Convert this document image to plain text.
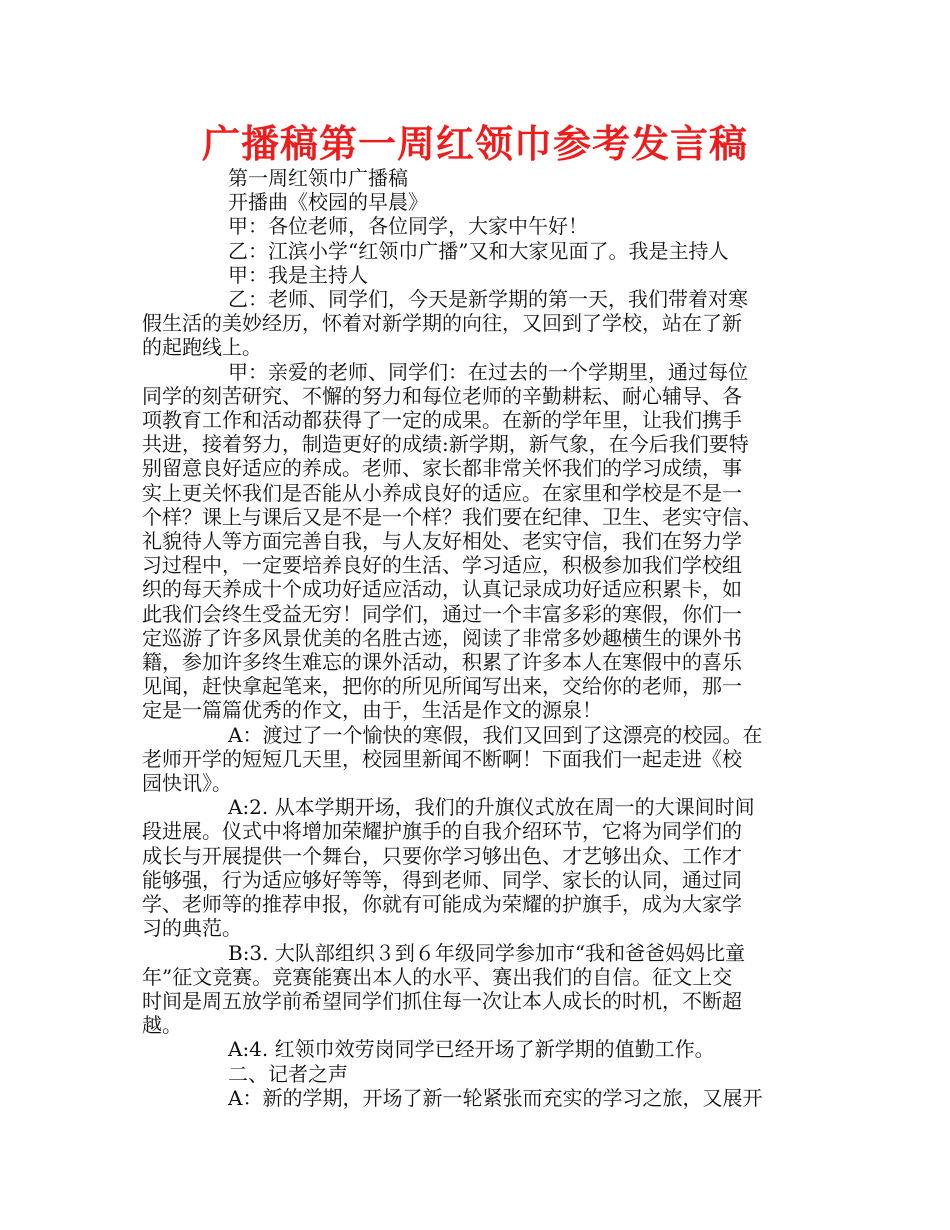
广播稿第一周红领巾参考发言稿
第一周红领巾广播稿
开播曲《校园的早晨》
甲：各位老师，各位同学，大家中午好！
乙：江滨小学“红领巾广播”又和大家见面了。我是主持人
甲：我是主持人
乙：老师、同学们，今天是新学期的第一天，我们带着对寒
假生活的美妙经历，怀着对新学期的向往，又回到了学校，站在了新
的起跑线上。
甲：亲爱的老师、同学们：在过去的一个学期里，通过每位
同学的刻苦研究、不懈的努力和每位老师的辛勤耕耘、耐心辅导、各
项教育工作和活动都获得了一定的成果。在新的学年里，让我们携手
共进，接着努力，制造更好的成绩:新学期，新气象，在今后我们要特
别留意良好适应的养成。老师、家长都非常关怀我们的学习成绩，事
实上更关怀我们是否能从小养成良好的适应。在家里和学校是不是一
个样？课上与课后又是不是一个样？我们要在纪律、卫生、老实守信、
礼貌待人等方面完善自我，与人友好相处、老实守信，我们在努力学
习过程中，一定要培养良好的生活、学习适应，积极参加我们学校组
织的每天养成十个成功好适应活动，认真记录成功好适应积累卡，如
此我们会终生受益无穷！同学们，通过一个丰富多彩的寒假，你们一
定巡游了许多风景优美的名胜古迹，阅读了非常多妙趣横生的课外书
籍，参加许多终生难忘的课外活动，积累了许多本人在寒假中的喜乐
见闻，赶快拿起笔来，把你的所见所闻写出来，交给你的老师，那一
定是一篇篇优秀的作文，由于，生活是作文的源泉！
A：渡过了一个愉快的寒假，我们又回到了这漂亮的校园。在
老师开学的短短几天里，校园里新闻不断啊！下面我们一起走进《校
园快讯》。
A:2. 从本学期开场，我们的升旗仪式放在周一的大课间时间
段进展。仪式中将增加荣耀护旗手的自我介绍环节，它将为同学们的
成长与开展提供一个舞台，只要你学习够出色、才艺够出众、工作才
能够强，行为适应够好等等，得到老师、同学、家长的认同，通过同
学、老师等的推荐申报，你就有可能成为荣耀的护旗手，成为大家学
习的典范。
B:3. 大队部组织３到６年级同学参加市“我和爸爸妈妈比童
年”征文竞赛。竞赛能赛出本人的水平、赛出我们的自信。征文上交
时间是周五放学前希望同学们抓住每一次让本人成长的时机，不断超
越。
A:4. 红领巾效劳岗同学已经开场了新学期的值勤工作。
二、记者之声
A：新的学期，开场了新一轮紧张而充实的学习之旅，又展开
